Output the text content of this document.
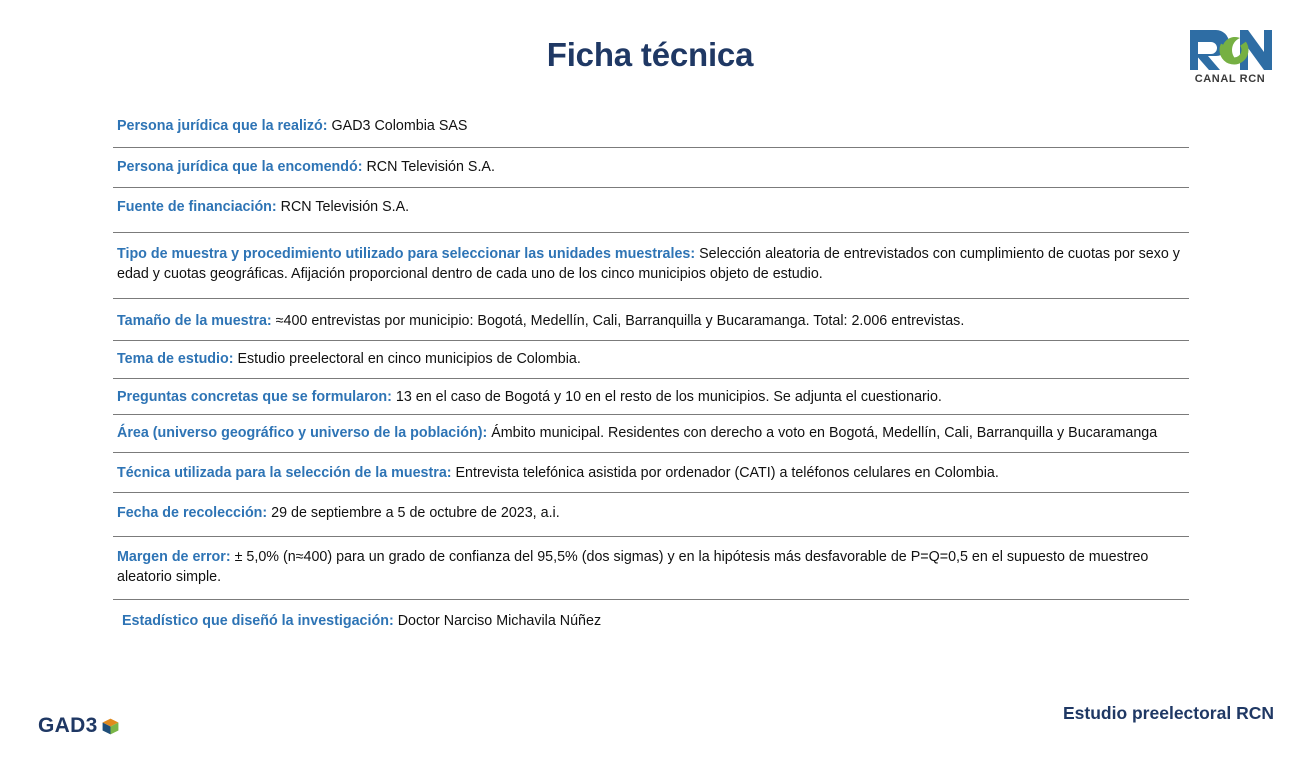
Ficha técnica
CANAL RCN
Persona jurídica que la realizó: GAD3 Colombia SAS
Persona jurídica que la encomendó: RCN Televisión S.A.
Fuente de financiación: RCN Televisión S.A.
Tipo de muestra y procedimiento utilizado para seleccionar las unidades muestrales: Selección aleatoria de entrevistados con cumplimiento de cuotas por sexo y edad y cuotas geográficas. Afijación proporcional dentro de cada uno de los cinco municipios objeto de estudio.
Tamaño de la muestra: ≈400 entrevistas por municipio: Bogotá, Medellín, Cali, Barranquilla y Bucaramanga. Total: 2.006 entrevistas.
Tema de estudio: Estudio preelectoral en cinco municipios de Colombia.
Preguntas concretas que se formularon: 13 en el caso de Bogotá y 10 en el resto de los municipios. Se adjunta el cuestionario.
Área (universo geográfico y universo de la población): Ámbito municipal. Residentes con derecho a voto en Bogotá, Medellín, Cali, Barranquilla y Bucaramanga
Técnica utilizada para la selección de la muestra: Entrevista telefónica asistida por ordenador (CATI) a teléfonos celulares en Colombia.
Fecha de recolección: 29 de septiembre a 5 de octubre de 2023, a.i.
Margen de error: ± 5,0% (n≈400) para un grado de confianza del 95,5% (dos sigmas) y en la hipótesis más desfavorable de P=Q=0,5 en el supuesto de muestreo aleatorio simple.
Estadístico que diseñó la investigación: Doctor Narciso Michavila Núñez
GAD3
Estudio preelectoral RCN
